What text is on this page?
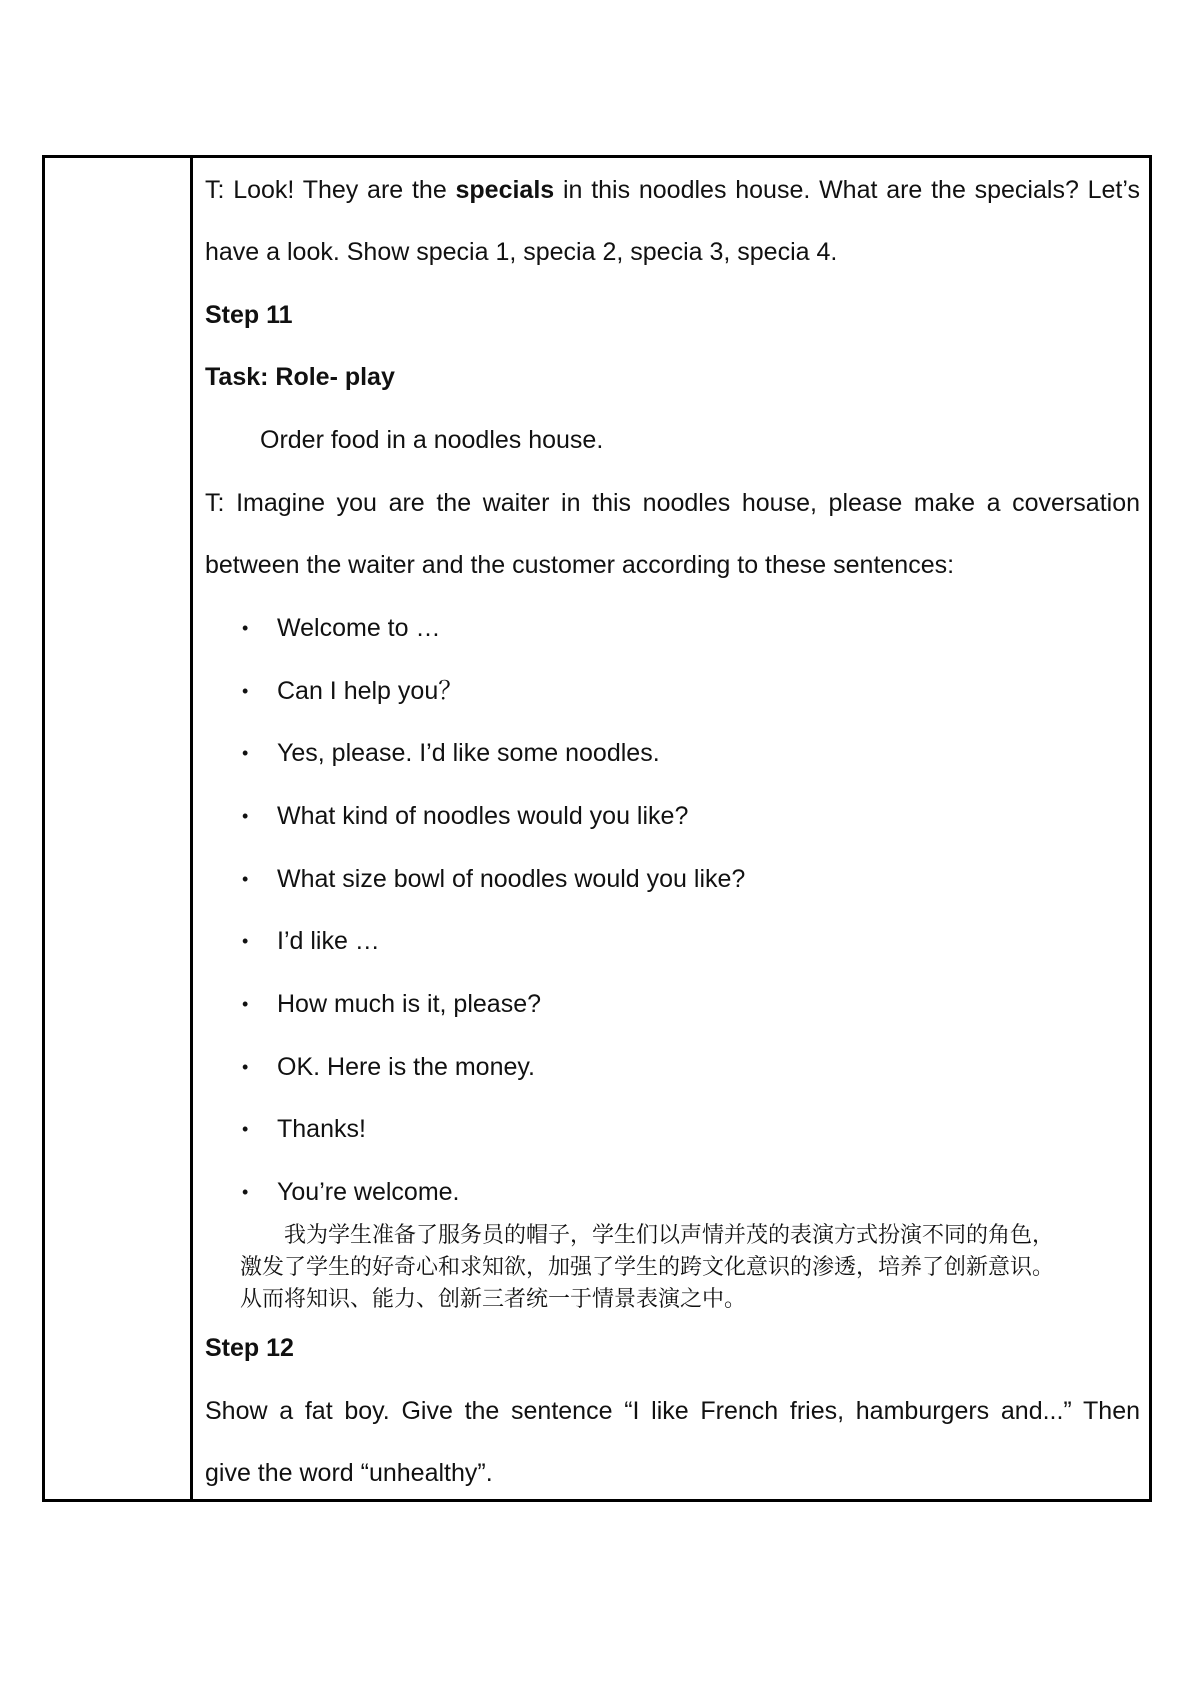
T: Look! They are the specials in this noodles house. What are the specials? Let’s

have a look. Show specia 1, specia 2, specia 3, specia 4.

Step 11

Task: Role- play

Order food in a noodles house.

T: Imagine you are the waiter in this noodles house, please make a coversation

between the waiter and the customer according to these sentences:

• Welcome to …

• Can I help you？

• Yes, please. I’d like some noodles.

• What kind of noodles would you like?

• What size bowl of noodles would you like?

• I’d like …

• How much is it, please?

• OK. Here is the money.

• Thanks!

• You’re welcome.

我为学生准备了服务员的帽子，学生们以声情并茂的表演方式扮演不同的角色，

激发了学生的好奇心和求知欲，加强了学生的跨文化意识的渗透，培养了创新意识。

从而将知识、能力、创新三者统一于情景表演之中。

Step 12

Show a fat boy. Give the sentence “I like French fries, hamburgers and...” Then

give the word “unhealthy”.
